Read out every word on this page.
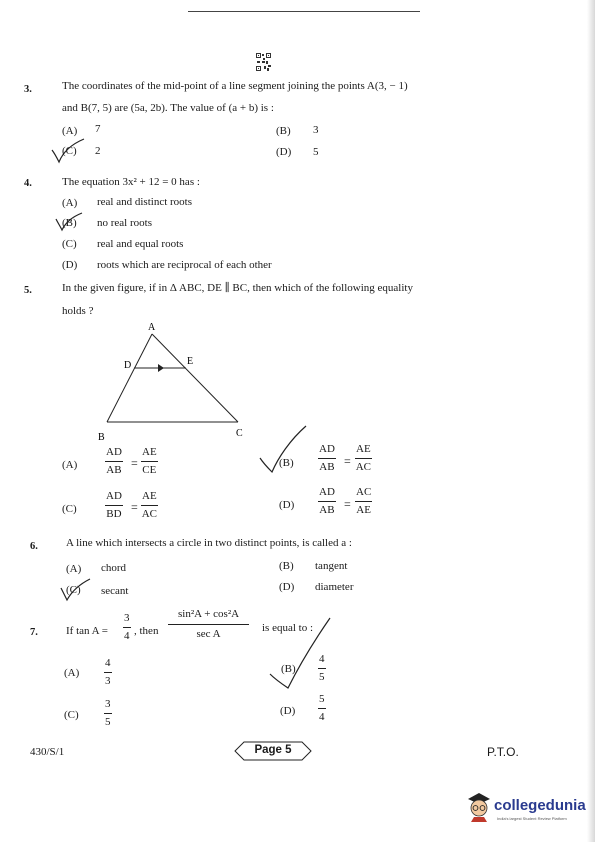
3.	The coordinates of the mid-point of a line segment joining the points A(3, − 1)
and B(7, 5) are (5a, 2b). The value of (a + b) is :
(A) 7	(B) 3
(C) 2	(D) 5
4.	The equation 3x² + 12 = 0 has :
(A) real and distinct roots
(B) no real roots
(C) real and equal roots
(D) roots which are reciprocal of each other
5.	In the given figure, if in Δ ABC, DE ∥ BC, then which of the following equality
holds ?
A
B	C
D	E
(A)	$\frac{AD}{AB} = \frac{AE}{CE}$	$(B) \frac{AD}{AB} = \frac{AE}{AC}$
(C)	$\frac{AD}{BD} = \frac{AE}{AC}$	$(D) \frac{AD}{AB} = \frac{AC}{AE}$
6.	A line which intersects a circle in two distinct points, is called a :
(A) chord	(B) tangent
(C) secant	(D) diameter
7.	If $\tan A = \frac{3}{4}$ , then
sin²A + cos²A
sec A	is equal to :
$(A) \frac{4}{3}$	$(B) \frac{4}{5}$
$(C) \frac{3}{5}$	$(D) \frac{5}{4}$
430/S/1	Page 5	P.T.O.
collegedunia
India's largest Student Review Platform
